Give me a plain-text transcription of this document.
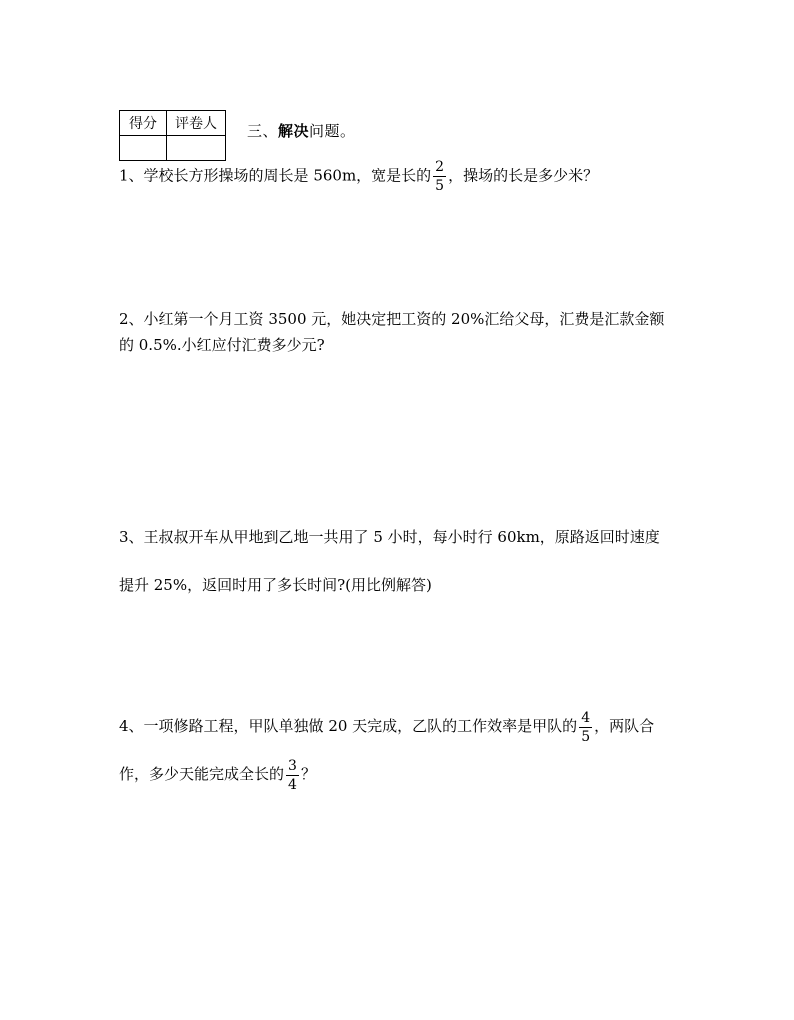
得分	评卷人
	三、解决问题。
1、学校长方形操场的周长是 560m，宽是长的 $\frac{2}{5}$ ，操场的长是多少米？
2、小红第一个月工资 3500 元，她决定把工资的 20%汇给父母，汇费是汇款金额
的 0.5%.小红应付汇费多少元?
3、王叔叔开车从甲地到乙地一共用了 5 小时，每小时行 60km，原路返回时速度
提升 25%，返回时用了多长时间?(用比例解答)
4、一项修路工程，甲队单独做 20 天完成，乙队的工作效率是甲队的 $\frac{4}{5}$ ，两队合
作，多少天能完成全长的 $\frac{3}{4}$ ？
